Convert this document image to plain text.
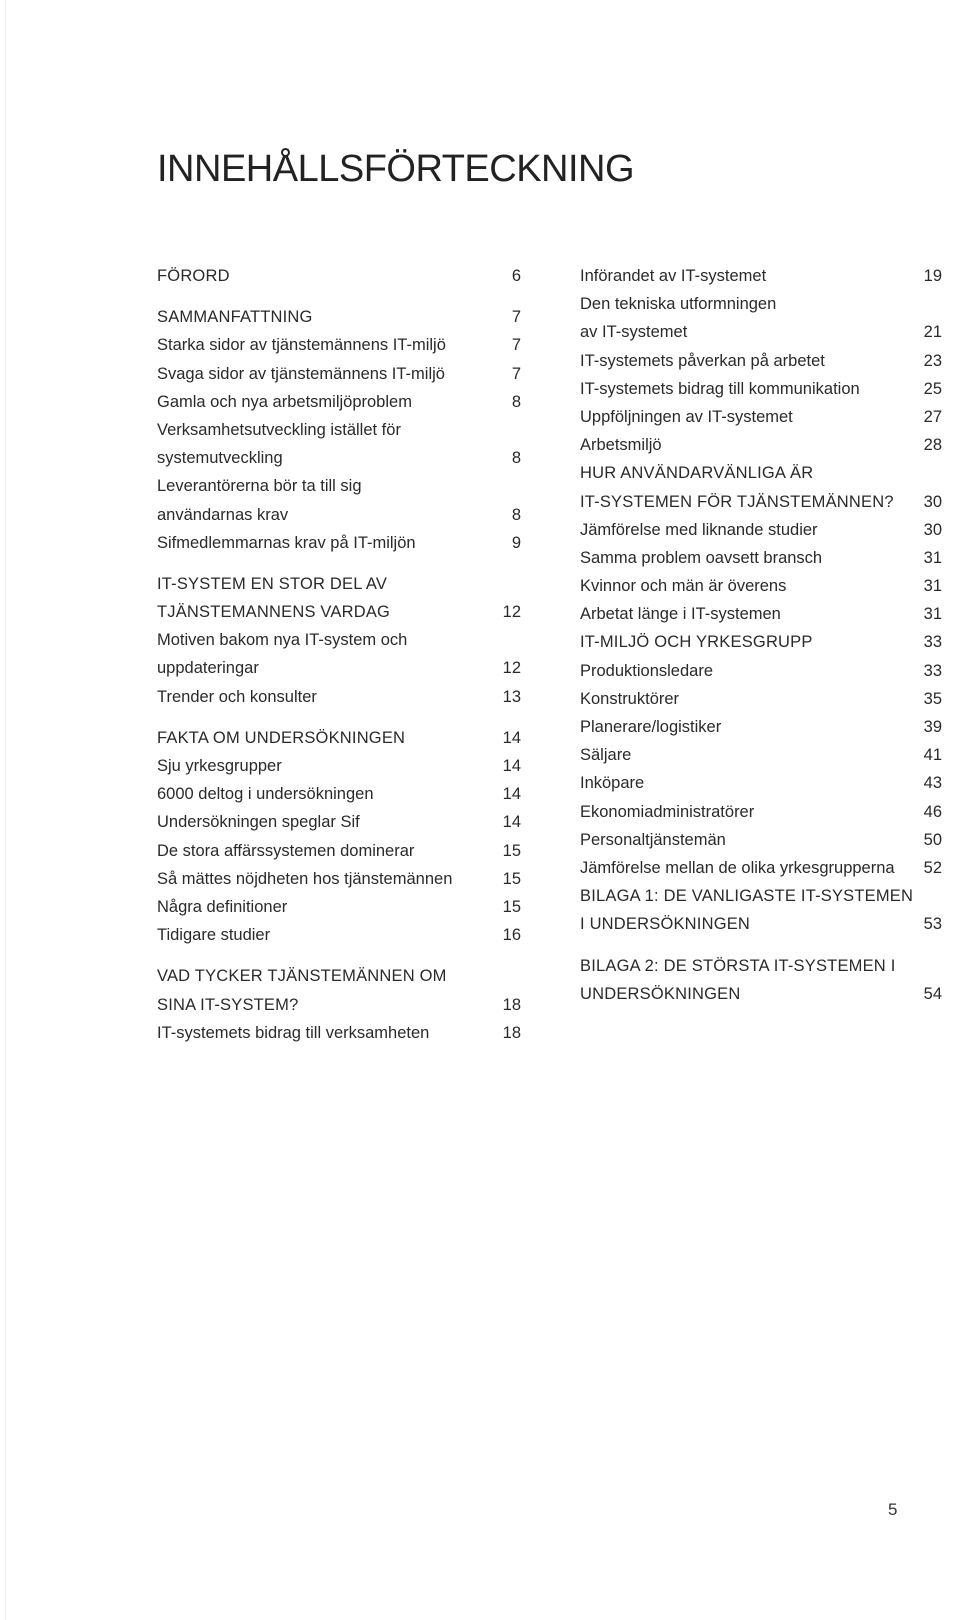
INNEHÅLLSFÖRTECKNING
FÖRORD	6
SAMMANFATTNING	7
Starka sidor av tjänstemännens IT-miljö	7
Svaga sidor av tjänstemännens IT-miljö	7
Gamla och nya arbetsmiljöproblem	8
Verksamhetsutveckling istället för
systemutveckling	8
Leverantörerna bör ta till sig
användarnas krav	8
Sifmedlemmarnas krav på IT-miljön	9
IT-SYSTEM EN STOR DEL AV
TJÄNSTEMANNENS VARDAG	12
Motiven bakom nya IT-system och
uppdateringar	12
Trender och konsulter	13
FAKTA OM UNDERSÖKNINGEN	14
Sju yrkesgrupper	14
6000 deltog i undersökningen	14
Undersökningen speglar Sif	14
De stora affärssystemen dominerar	15
Så mättes nöjdheten hos tjänstemännen	15
Några definitioner	15
Tidigare studier	16
VAD TYCKER TJÄNSTEMÄNNEN OM
SINA IT-SYSTEM?	18
IT-systemets bidrag till verksamheten	18
Införandet av IT-systemet	19
Den tekniska utformningen
av IT-systemet	21
IT-systemets påverkan på arbetet	23
IT-systemets bidrag till kommunikation	25
Uppföljningen av IT-systemet	27
Arbetsmiljö	28
HUR ANVÄNDARVÄNLIGA ÄR
IT-SYSTEMEN FÖR TJÄNSTEMÄNNEN?	30
Jämförelse med liknande studier	30
Samma problem oavsett bransch	31
Kvinnor och män är överens	31
Arbetat länge i IT-systemen	31
IT-MILJÖ OCH YRKESGRUPP	33
Produktionsledare	33
Konstruktörer	35
Planerare/logistiker	39
Säljare	41
Inköpare	43
Ekonomiadministratörer	46
Personaltjänstemän	50
Jämförelse mellan de olika yrkesgrupperna	52
BILAGA 1: DE VANLIGASTE IT-SYSTEMEN
I UNDERSÖKNINGEN	53
BILAGA 2: DE STÖRSTA IT-SYSTEMEN I
UNDERSÖKNINGEN	54
5
